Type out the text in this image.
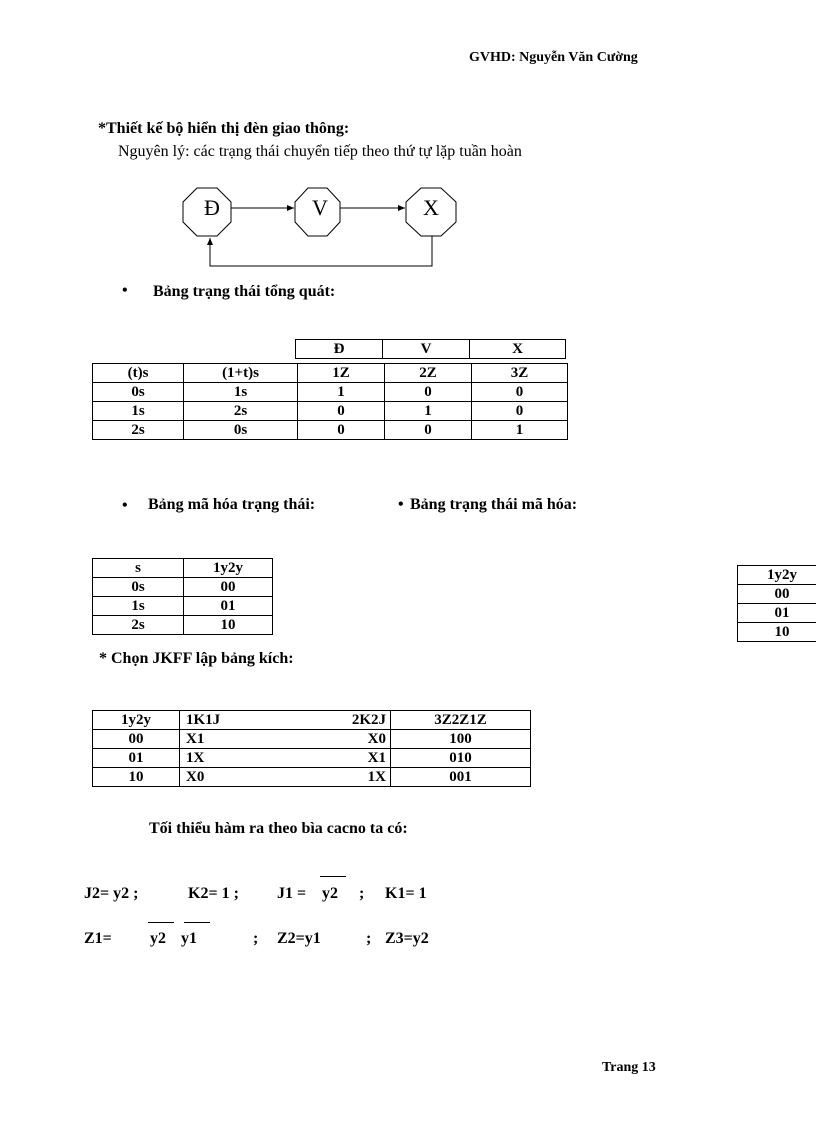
GVHD: Nguyễn Văn Cường
*Thiết kế bộ hiển thị đèn giao thông:
Nguyên lý: các trạng thái chuyển tiếp theo thứ tự lặp tuần hoàn
Đ	V	X
• Bảng trạng thái tổng quát:
Đ	V	X
(t)s	(1+t)s	1Z	2Z	3Z
0s	1s	1	0	0
1s	2s	0	1	0
2s	0s	0	0	1
• Bảng mã hóa trạng thái:	• Bảng trạng thái mã hóa:
s	1y2y
0s	00
1s	01
2s	10
1y2y
00
01
10
* Chọn JKFF lập bảng kích:
1y2y	1K1J	2K2J	3Z2Z1Z
00	X1	X0	100
01	1X	X1	010
10	X0	1X	001
Tối thiểu hàm ra theo bìa cacno ta có:
J2= y2 ;	K2= 1 ; J1 = y2 ; K1= 1
Z1= y2 y1	; Z2=y1	; Z3=y2
Trang 13
